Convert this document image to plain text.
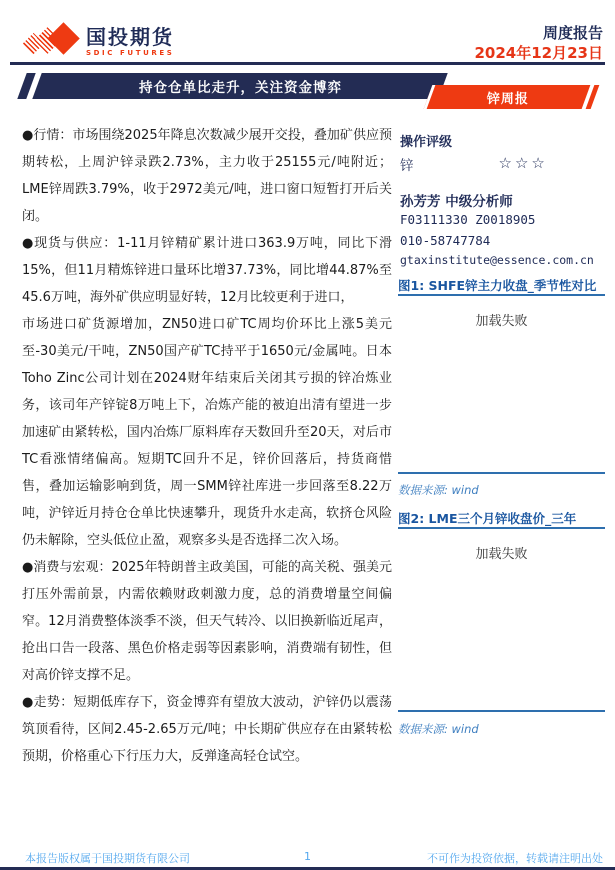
国投期货
SDIC FUTURES
周度报告
2024年12月23日
持仓仓单比走升，关注资金博弈
锌周报

●行情：市场围绕2025年降息次数减少展开交投，叠加矿供应预期转松，上周沪锌录跌2.73%，主力收于25155元/吨附近；LME锌周跌3.79%，收于2972美元/吨，进口窗口短暂打开后关闭。

●现货与供应：1-11月锌精矿累计进口363.9万吨，同比下滑15%，但11月精炼锌进口量环比增37.73%，同比增44.87%至45.6万吨，海外矿供应明显好转，12月比较更利于进口，

市场进口矿货源增加，ZN50进口矿TC周均价环比上涨5美元至-30美元/干吨，ZN50国产矿TC持平于1650元/金属吨。日本Toho Zinc公司计划在2024财年结束后关闭其亏损的锌冶炼业务，该司年产锌锭8万吨上下，冶炼产能的被迫出清有望进一步加速矿由紧转松，国内冶炼厂原料库存天数回升至20天，对后市TC看涨情绪偏高。短期TC回升不足，锌价回落后，持货商惜售，叠加运输影响到货，周一SMM锌社库进一步回落至8.22万吨，沪锌近月持仓仓单比快速攀升，现货升水走高，软挤仓风险仍未解除，空头低位止盈，观察多头是否选择二次入场。

●消费与宏观：2025年特朗普主政美国，可能的高关税、强美元打压外需前景，内需依赖财政刺激力度，总的消费增量空间偏窄。12月消费整体淡季不淡，但天气转冷、以旧换新临近尾声，抢出口告一段落、黑色价格走弱等因素影响，消费端有韧性，但对高价锌支撑不足。

●走势：短期低库存下，资金博弈有望放大波动，沪锌仍以震荡筑顶看待，区间2.45-2.65万元/吨；中长期矿供应存在由紧转松预期，价格重心下行压力大，反弹逢高轻仓试空。

操作评级
锌	☆☆☆
孙芳芳 中级分析师
F03111330 Z0018905
010-58747784
gtaxinstitute@essence.com.cn
图1: SHFE锌主力收盘_季节性对比
加载失败
数据来源: wind
图2: LME三个月锌收盘价_三年
加载失败
数据来源: wind
本报告版权属于国投期货有限公司	1	不可作为投资依据，转载请注明出处
